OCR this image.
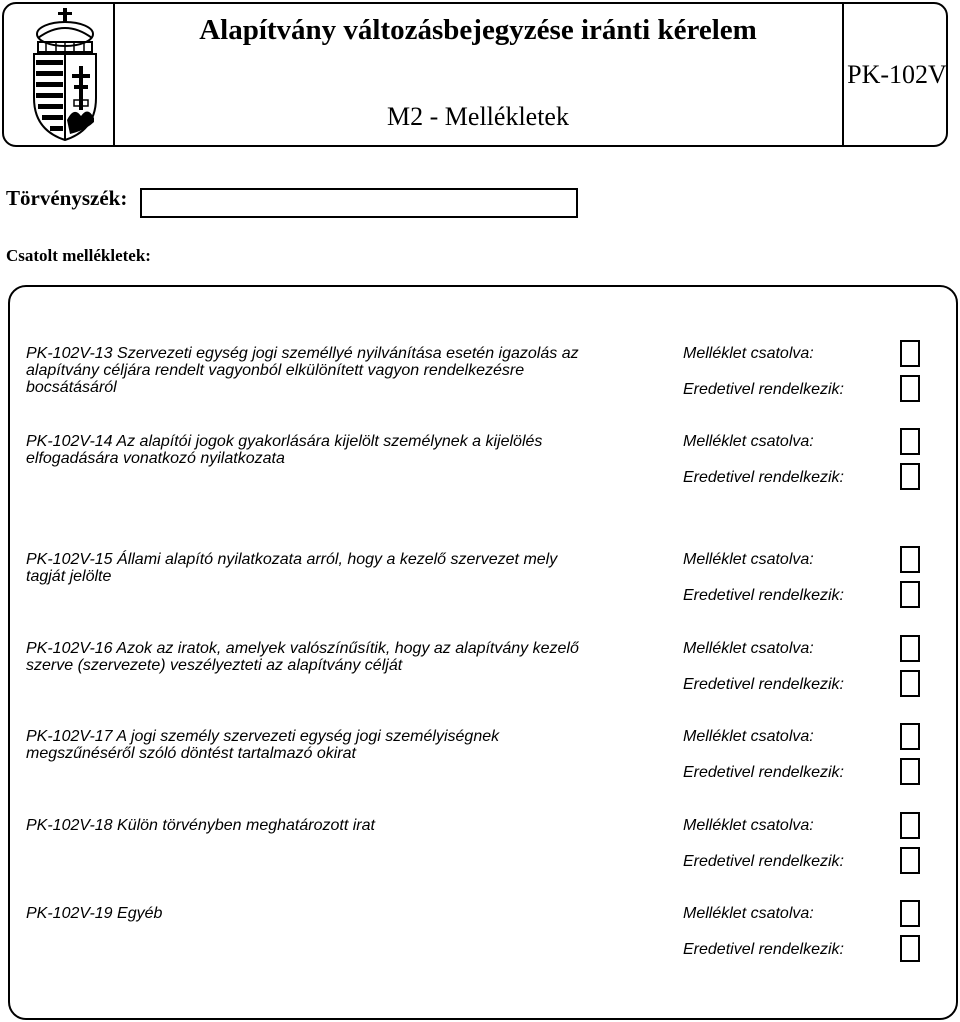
Alapítvány változásbejegyzése iránti kérelem
M2 - Mellékletek
PK-102V
Törvényszék:
Csatolt mellékletek:

PK-102V-13 Szervezeti egység jogi személlyé nyilvánítása esetén igazolás az alapítvány céljára rendelt vagyonból elkülönített vagyon rendelkezésre bocsátásáról

Melléklet csatolva:
Eredetivel rendelkezik:

PK-102V-14 Az alapítói jogok gyakorlására kijelölt személynek a kijelölés elfogadására vonatkozó nyilatkozata

Melléklet csatolva:
Eredetivel rendelkezik:

PK-102V-15 Állami alapító nyilatkozata arról, hogy a kezelő szervezet mely tagját jelölte

Melléklet csatolva:
Eredetivel rendelkezik:

PK-102V-16 Azok az iratok, amelyek valószínűsítik, hogy az alapítvány kezelő szerve (szervezete) veszélyezteti az alapítvány célját

Melléklet csatolva:
Eredetivel rendelkezik:

PK-102V-17 A jogi személy szervezeti egység jogi személyiségnek megszűnéséről szóló döntést tartalmazó okirat

Melléklet csatolva:
Eredetivel rendelkezik:

PK-102V-18 Külön törvényben meghatározott irat	Melléklet csatolva:
Eredetivel rendelkezik:

PK-102V-19 Egyéb	Melléklet csatolva:
Eredetivel rendelkezik:
